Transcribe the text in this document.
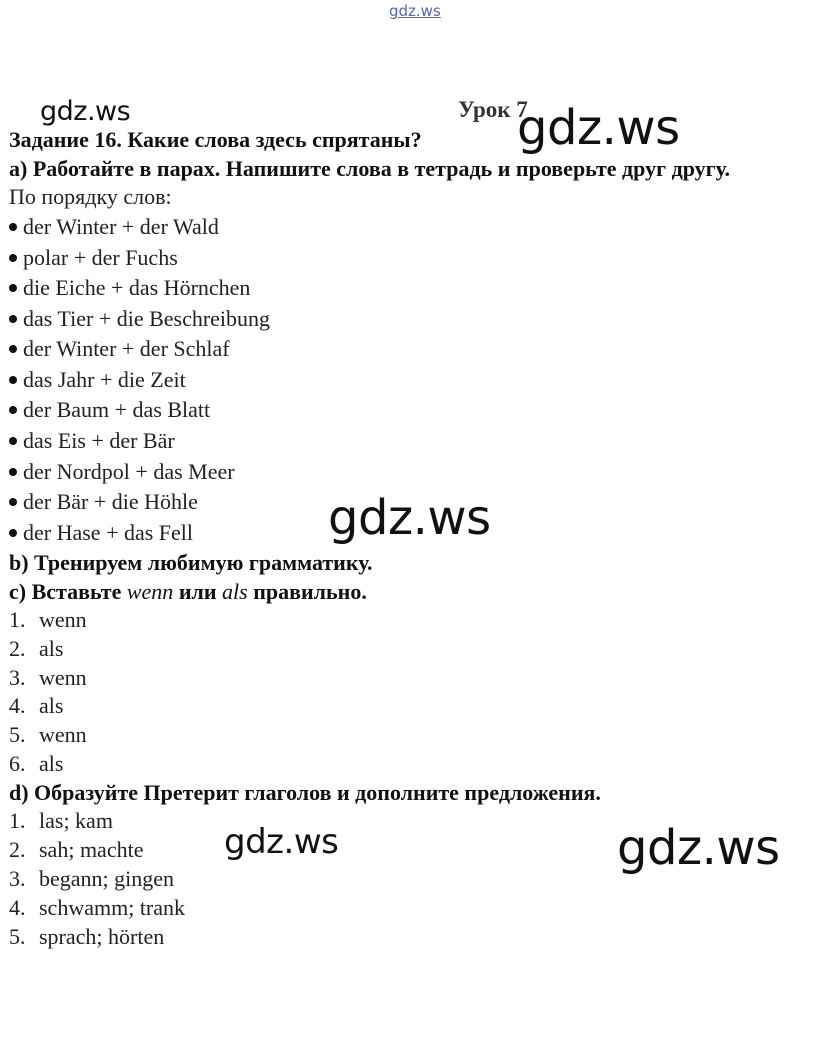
gdz.ws
gdz.ws	Урок 7
gdz.ws
Задание 16. Какие слова здесь спрятаны?
a) Работайте в парах. Напишите слова в тетрадь и проверьте друг другу.
По порядку слов:
der Winter + der Wald
polar + der Fuchs
die Eiche + das Hörnchen
das Tier + die Beschreibung
der Winter + der Schlaf
das Jahr + die Zeit
der Baum + das Blatt
das Eis + der Bär
der Nordpol + das Meer
der Bär + die Höhle
der Hase + das Fell	gdz.ws
b) Тренируем любимую грамматику.
c) Вставьте wenn или als правильно.
1. wenn
2. als
3. wenn
4. als
5. wenn
6. als
d) Образуйте Претерит глаголов и дополните предложения.
1. las; kam
2. sah; machte
3. begann; gingen
4. schwamm; trank
5. sprach; hörten
gdz.ws	gdz.ws
